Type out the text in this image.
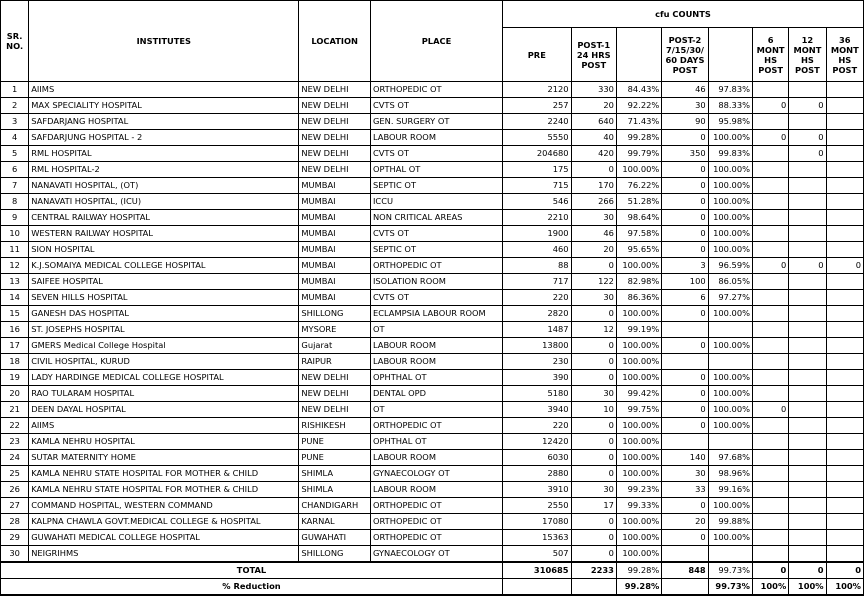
SR. NO.	INSTITUTES	LOCATION	PLACE	cfu COUNTS							
				PRE	POST-1 24 HRS POST		POST-2 7/15/30/ 60 DAYS POST		6 MONT HS POST	12 MONT HS POST	36 MONT HS POST
1	AIIMS	NEW DELHI	ORTHOPEDIC OT	2120	330	84.43%	46	97.83%			
2	MAX SPECIALITY HOSPITAL	NEW DELHI	CVTS OT	257	20	92.22%	30	88.33%	0	0	
3	SAFDARJANG HOSPITAL	NEW DELHI	GEN. SURGERY OT	2240	640	71.43%	90	95.98%			
4	SAFDARJUNG HOSPITAL - 2	NEW DELHI	LABOUR ROOM	5550	40	99.28%	0	100.00%	0	0	
5	RML HOSPITAL	NEW DELHI	CVTS OT	204680	420	99.79%	350	99.83%		0	
6	RML HOSPITAL-2	NEW DELHI	OPTHAL OT	175	0	100.00%	0	100.00%			
7	NANAVATI HOSPITAL, (OT)	MUMBAI	SEPTIC OT	715	170	76.22%	0	100.00%			
8	NANAVATI HOSPITAL, (ICU)	MUMBAI	ICCU	546	266	51.28%	0	100.00%			
9	CENTRAL RAILWAY HOSPITAL	MUMBAI	NON CRITICAL AREAS	2210	30	98.64%	0	100.00%			
10	WESTERN RAILWAY HOSPITAL	MUMBAI	CVTS OT	1900	46	97.58%	0	100.00%			
11	SION HOSPITAL	MUMBAI	SEPTIC OT	460	20	95.65%	0	100.00%			
12	K.J.SOMAIYA MEDICAL COLLEGE HOSPITAL	MUMBAI	ORTHOPEDIC OT	88	0	100.00%	3	96.59%	0	0	0
13	SAIFEE HOSPITAL	MUMBAI	ISOLATION ROOM	717	122	82.98%	100	86.05%			
14	SEVEN HILLS HOSPITAL	MUMBAI	CVTS OT	220	30	86.36%	6	97.27%			
15	GANESH DAS HOSPITAL	SHILLONG	ECLAMPSIA LABOUR ROOM	2820	0	100.00%	0	100.00%			
16	ST. JOSEPHS HOSPITAL	MYSORE	OT	1487	12	99.19%					
17	GMERS Medical College Hospital	Gujarat	LABOUR ROOM	13800	0	100.00%	0	100.00%			
18	CIVIL HOSPITAL, KURUD	RAIPUR	LABOUR ROOM	230	0	100.00%					
19	LADY HARDINGE MEDICAL COLLEGE HOSPITAL	NEW DELHI	OPHTHAL OT	390	0	100.00%	0	100.00%			
20	RAO TULARAM HOSPITAL	NEW DELHI	DENTAL OPD	5180	30	99.42%	0	100.00%			
21	DEEN DAYAL HOSPITAL	NEW DELHI	OT	3940	10	99.75%	0	100.00%	0		
22	AIIMS	RISHIKESH	ORTHOPEDIC OT	220	0	100.00%	0	100.00%			
23	KAMLA NEHRU HOSPITAL	PUNE	OPHTHAL OT	12420	0	100.00%					
24	SUTAR MATERNITY HOME	PUNE	LABOUR ROOM	6030	0	100.00%	140	97.68%			
25	KAMLA NEHRU STATE HOSPITAL FOR MOTHER & CHILD	SHIMLA	GYNAECOLOGY OT	2880	0	100.00%	30	98.96%			
26	KAMLA NEHRU STATE HOSPITAL FOR MOTHER & CHILD	SHIMLA	LABOUR ROOM	3910	30	99.23%	33	99.16%			
27	COMMAND HOSPITAL, WESTERN COMMAND	CHANDIGARH	ORTHOPEDIC OT	2550	17	99.33%	0	100.00%			
28	KALPNA CHAWLA GOVT.MEDICAL COLLEGE & HOSPITAL	KARNAL	ORTHOPEDIC OT	17080	0	100.00%	20	99.88%			
29	GUWAHATI MEDICAL COLLEGE HOSPITAL	GUWAHATI	ORTHOPEDIC OT	15363	0	100.00%	0	100.00%			
30	NEIGRIHMS	SHILLONG	GYNAECOLOGY OT	507	0	100.00%					
TOTAL				310685	2233	99.28%	848	99.73%	0	0	0
% Reduction						99.28%		99.73%	100%	100%	100%
